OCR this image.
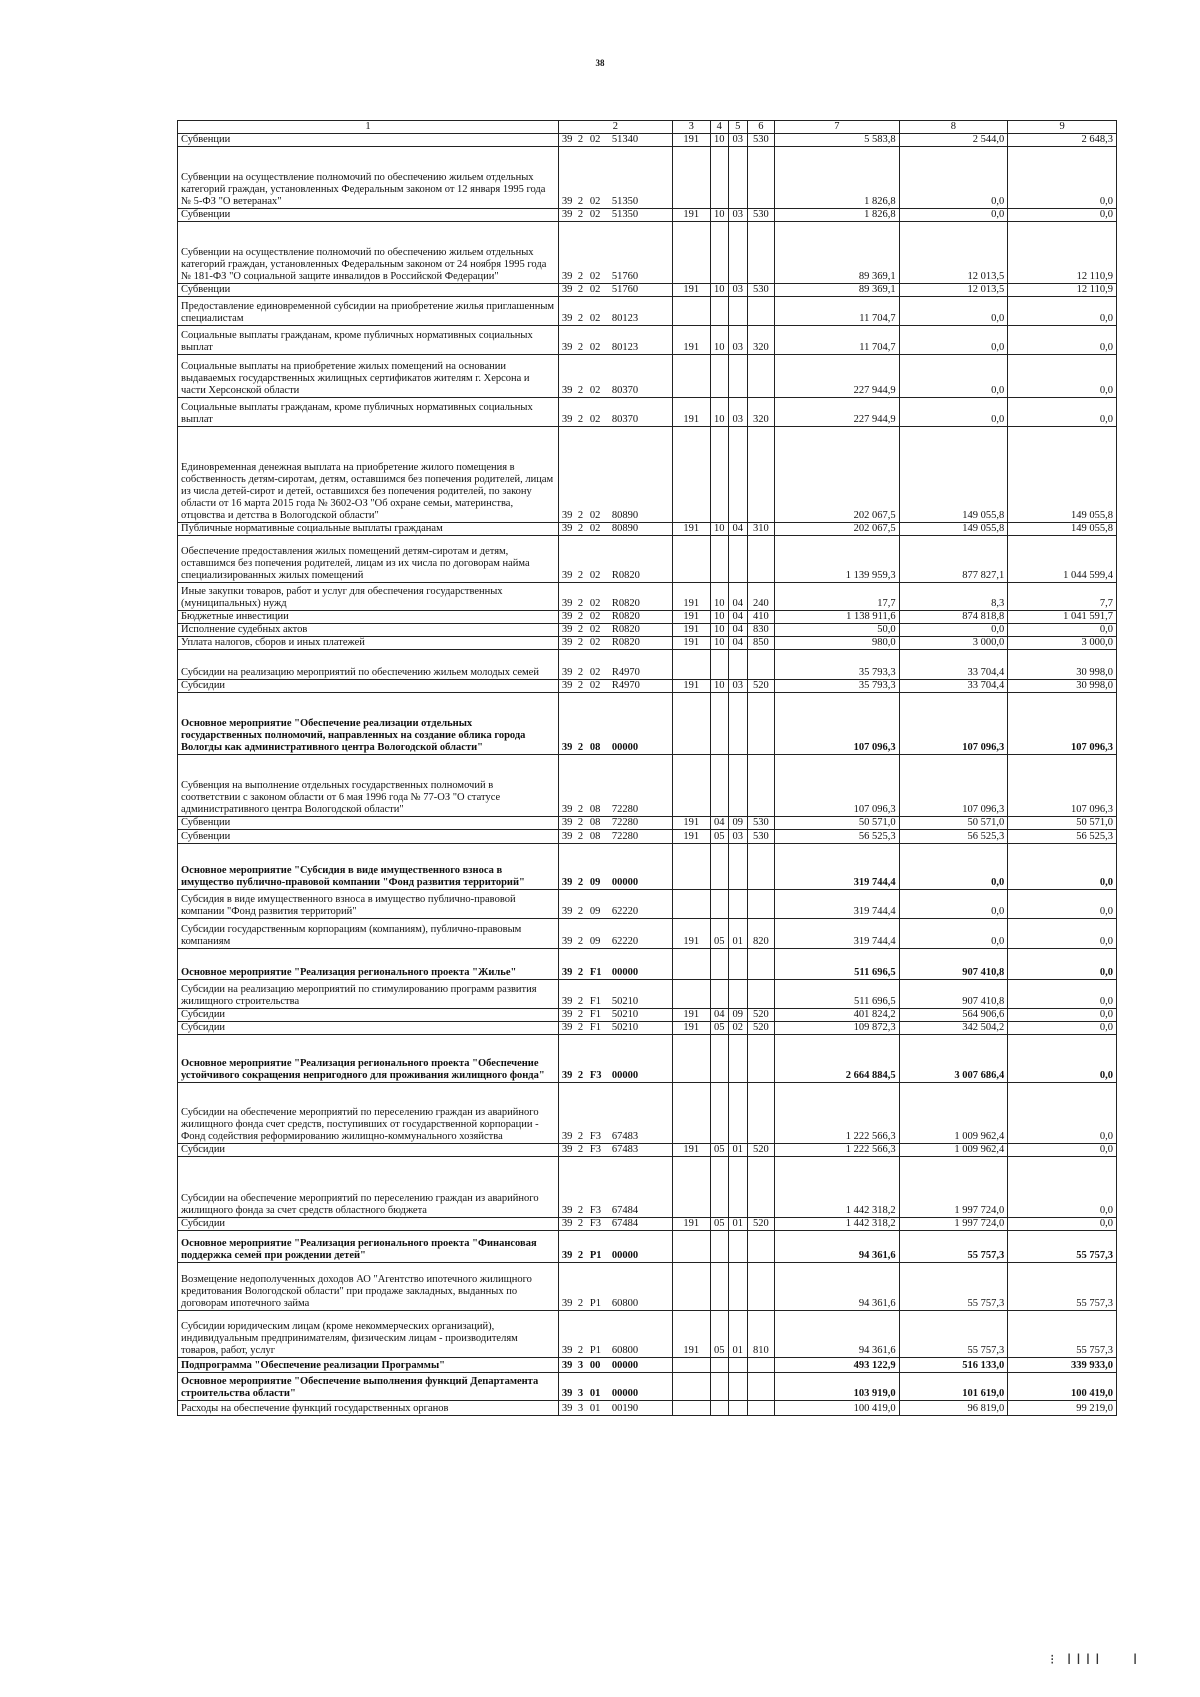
38
1	2	3	4	5	6	7	8	9
Субвенции	39 2 02 51340	191	10	03	530	5 583,8	2 544,0	2 648,3
Субвенции на осуществление полномочий по обеспечению жильем отдельных категорий граждан, установленных Федеральным законом от 12 января 1995 года № 5-ФЗ "О ветеранах"	39 2 02 51350					1 826,8	0,0	0,0
Субвенции	39 2 02 51350	191	10	03	530	1 826,8	0,0	0,0
Субвенции на осуществление полномочий по обеспечению жильем отдельных категорий граждан, установленных Федеральным законом от 24 ноября 1995 года № 181-ФЗ "О социальной защите инвалидов в Российской Федерации"	39 2 02 51760					89 369,1	12 013,5	12 110,9
Субвенции	39 2 02 51760	191	10	03	530	89 369,1	12 013,5	12 110,9
Предоставление единовременной субсидии на приобретение жилья приглашенным специалистам	39 2 02 80123					11 704,7	0,0	0,0
Социальные выплаты гражданам, кроме публичных нормативных социальных выплат	39 2 02 80123	191	10	03	320	11 704,7	0,0	0,0
Социальные выплаты на приобретение жилых помещений на основании выдаваемых государственных жилищных сертификатов жителям г. Херсона и части Херсонской области	39 2 02 80370					227 944,9	0,0	0,0
Социальные выплаты гражданам, кроме публичных нормативных социальных выплат	39 2 02 80370	191	10	03	320	227 944,9	0,0	0,0
Единовременная денежная выплата на приобретение жилого помещения в собственность детям-сиротам, детям, оставшимся без попечения родителей, лицам из числа детей-сирот и детей, оставшихся без попечения родителей, по закону области от 16 марта 2015 года № 3602-ОЗ "Об охране семьи, материнства, отцовства и детства в Вологодской области"	39 2 02 80890					202 067,5	149 055,8	149 055,8
Публичные нормативные социальные выплаты гражданам	39 2 02 80890	191	10	04	310	202 067,5	149 055,8	149 055,8
Обеспечение предоставления жилых помещений детям-сиротам и детям, оставшимся без попечения родителей, лицам из их числа по договорам найма специализированных жилых помещений	39 2 02 R0820					1 139 959,3	877 827,1	1 044 599,4
Иные закупки товаров, работ и услуг для обеспечения государственных (муниципальных) нужд	39 2 02 R0820	191	10	04	240	17,7	8,3	7,7
Бюджетные инвестиции	39 2 02 R0820	191	10	04	410	1 138 911,6	874 818,8	1 041 591,7
Исполнение судебных актов	39 2 02 R0820	191	10	04	830	50,0	0,0	0,0
Уплата налогов, сборов и иных платежей	39 2 02 R0820	191	10	04	850	980,0	3 000,0	3 000,0
Субсидии на реализацию мероприятий по обеспечению жильем молодых семей	39 2 02 R4970					35 793,3	33 704,4	30 998,0
Субсидии	39 2 02 R4970	191	10	03	520	35 793,3	33 704,4	30 998,0
Основное мероприятие "Обеспечение реализации отдельных государственных полномочий, направленных на создание облика города Вологды как административного центра Вологодской области"	39 2 08 00000					107 096,3	107 096,3	107 096,3
Субвенция на выполнение отдельных государственных полномочий в соответствии с законом области от 6 мая 1996 года № 77-ОЗ "О статусе административного центра Вологодской области"	39 2 08 72280					107 096,3	107 096,3	107 096,3
Субвенции	39 2 08 72280	191	04	09	530	50 571,0	50 571,0	50 571,0
Субвенции	39 2 08 72280	191	05	03	530	56 525,3	56 525,3	56 525,3
Основное мероприятие "Субсидия в виде имущественного взноса в имущество публично-правовой компании "Фонд развития территорий"	39 2 09 00000					319 744,4	0,0	0,0
Субсидия в виде имущественного взноса в имущество публично-правовой компании "Фонд развития территорий"	39 2 09 62220					319 744,4	0,0	0,0
Субсидии государственным корпорациям (компаниям), публично-правовым компаниям	39 2 09 62220	191	05	01	820	319 744,4	0,0	0,0
Основное мероприятие "Реализация регионального проекта "Жилье"	39 2 F1 00000					511 696,5	907 410,8	0,0
Субсидии на реализацию мероприятий по стимулированию программ развития жилищного строительства	39 2 F1 50210					511 696,5	907 410,8	0,0
Субсидии	39 2 F1 50210	191	04	09	520	401 824,2	564 906,6	0,0
Субсидии	39 2 F1 50210	191	05	02	520	109 872,3	342 504,2	0,0
Основное мероприятие "Реализация регионального проекта "Обеспечение устойчивого сокращения непригодного для проживания жилищного фонда"	39 2 F3 00000					2 664 884,5	3 007 686,4	0,0
Субсидии на обеспечение мероприятий по переселению граждан из аварийного жилищного фонда счет средств, поступивших от государственной корпорации - Фонд содействия реформированию жилищно-коммунального хозяйства	39 2 F3 67483					1 222 566,3	1 009 962,4	0,0
Субсидии	39 2 F3 67483	191	05	01	520	1 222 566,3	1 009 962,4	0,0
Субсидии на обеспечение мероприятий по переселению граждан из аварийного жилищного фонда за счет средств областного бюджета	39 2 F3 67484					1 442 318,2	1 997 724,0	0,0
Субсидии	39 2 F3 67484	191	05	01	520	1 442 318,2	1 997 724,0	0,0
Основное мероприятие "Реализация регионального проекта "Финансовая поддержка семей при рождении детей"	39 2 P1 00000					94 361,6	55 757,3	55 757,3
Возмещение недополученных доходов АО "Агентство ипотечного жилищного кредитования Вологодской области" при продаже закладных, выданных по договорам ипотечного займа	39 2 P1 60800					94 361,6	55 757,3	55 757,3
Субсидии юридическим лицам (кроме некоммерческих организаций), индивидуальным предпринимателям, физическим лицам - производителям товаров, работ, услуг	39 2 P1 60800	191	05	01	810	94 361,6	55 757,3	55 757,3
Подпрограмма "Обеспечение реализации Программы"	39 3 00 00000					493 122,9	516 133,0	339 933,0
Основное мероприятие "Обеспечение выполнения функций Департамента строительства области"	39 3 01 00000					103 919,0	101 619,0	100 419,0
Расходы на обеспечение функций государственных органов	39 3 01 00190					100 419,0	96 819,0	99 219,0
⁝ ǀǀǀǀ   ǀ
